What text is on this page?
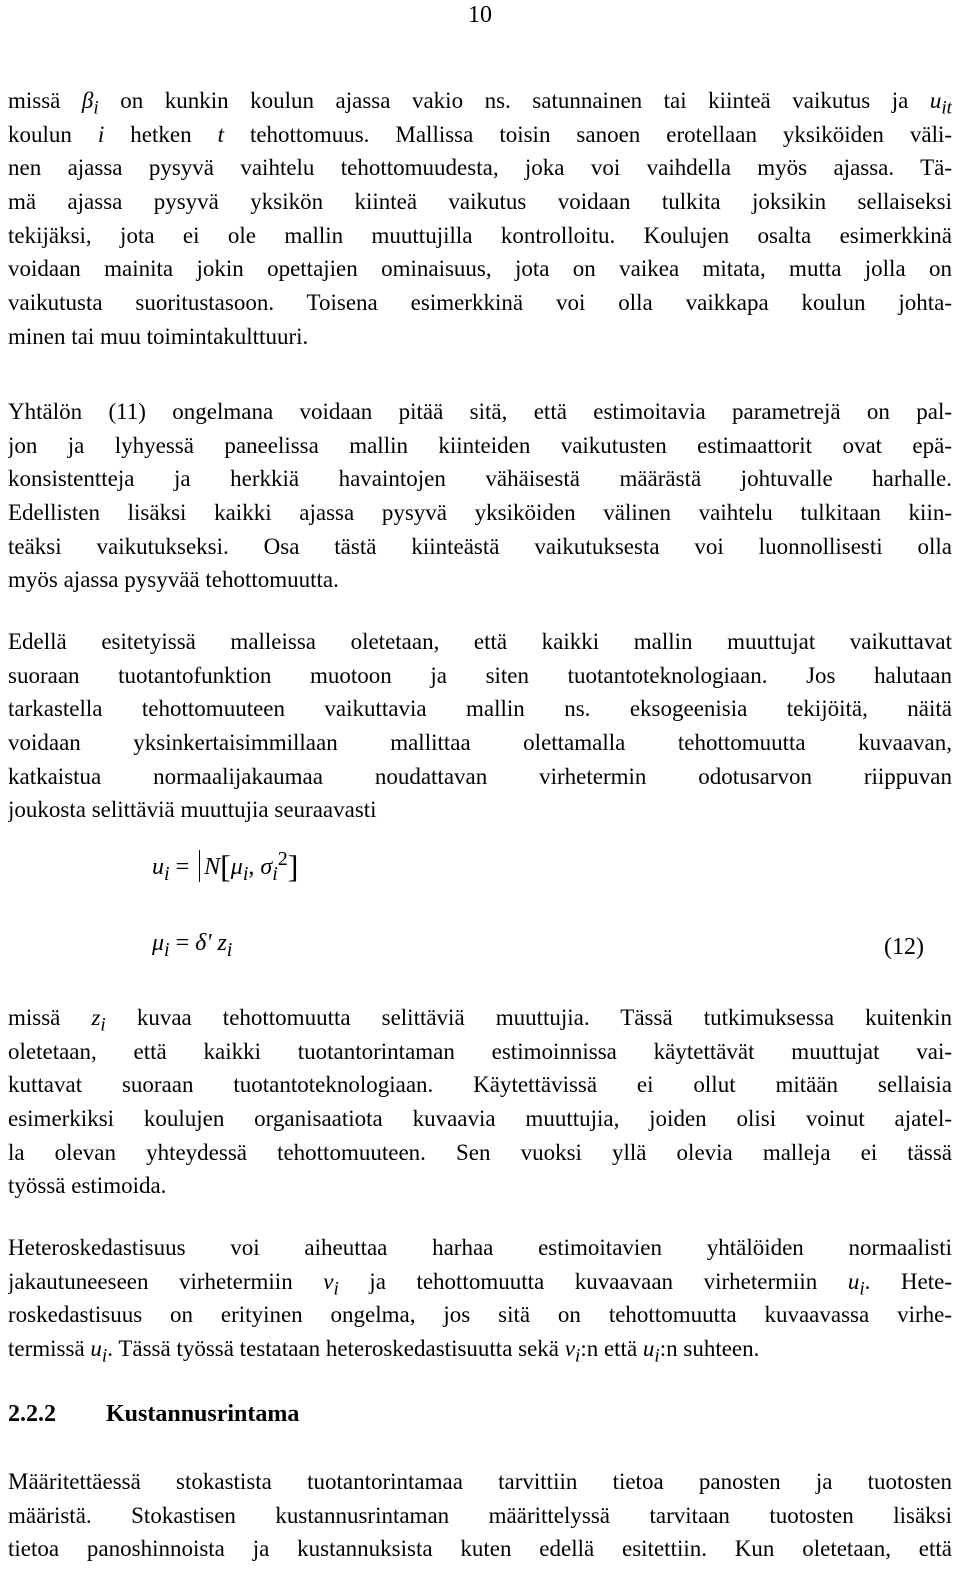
10
missä $\beta_i$ on kunkin koulun ajassa vakio ns. satunnainen tai kiinteä vaikutus ja $u_{it}$
koulun i hetken t tehottomuus. Mallissa toisin sanoen erotellaan yksiköiden väli-
nen ajassa pysyvä vaihtelu tehottomuudesta, joka voi vaihdella myös ajassa. Tä-
mä ajassa pysyvä yksikön kiinteä vaikutus voidaan tulkita joksikin sellaiseksi
tekijäksi, jota ei ole mallin muuttujilla kontrolloitu. Koulujen osalta esimerkkinä
voidaan mainita jokin opettajien ominaisuus, jota on vaikea mitata, mutta jolla on
vaikutusta suoritustasoon. Toisena esimerkkinä voi olla vaikkapa koulun johta-
minen tai muu toimintakulttuuri.
Yhtälön (11) ongelmana voidaan pitää sitä, että estimoitavia parametrejä on pal-
jon ja lyhyessä paneelissa mallin kiinteiden vaikutusten estimaattorit ovat epä-
konsistentteja ja herkkiä havaintojen vähäisestä määrästä johtuvalle harhalle.
Edellisten lisäksi kaikki ajassa pysyvä yksiköiden välinen vaihtelu tulkitaan kiin-
teäksi vaikutukseksi. Osa tästä kiinteästä vaikutuksesta voi luonnollisesti olla
myös ajassa pysyvää tehottomuutta.
Edellä esitetyissä malleissa oletetaan, että kaikki mallin muuttujat vaikuttavat
suoraan tuotantofunktion muotoon ja siten tuotantoteknologiaan. Jos halutaan
tarkastella tehottomuuteen vaikuttavia mallin ns. eksogeenisia tekijöitä, näitä
voidaan yksinkertaisimmillaan mallittaa olettamalla tehottomuutta kuvaavan,
katkaistua normaalijakaumaa noudattavan virhetermin odotusarvon riippuvan
joukosta selittäviä muuttujia seuraavasti
$u_i = N[\mu_i$, $\sigma_i^2$]
$\mu_i = \delta'$ $z_i$	(12)
missä $z_i$ kuvaa tehottomuutta selittäviä muuttujia. Tässä tutkimuksessa kuitenkin
oletetaan, että kaikki tuotantorintaman estimoinnissa käytettävät muuttujat vai-
kuttavat suoraan tuotantoteknologiaan. Käytettävissä ei ollut mitään sellaisia
esimerkiksi koulujen organisaatiota kuvaavia muuttujia, joiden olisi voinut ajatel-
la olevan yhteydessä tehottomuuteen. Sen vuoksi yllä olevia malleja ei tässä
työssä estimoida.
Heteroskedastisuus voi aiheuttaa harhaa estimoitavien yhtälöiden normaalisti
jakautuneeseen virhetermiin $v_i$ ja tehottomuutta kuvaavaan virhetermiin $u_i$. Hete-
roskedastisuus on erityinen ongelma, jos sitä on tehottomuutta kuvaavassa virhe-
termissä $u_i$. Tässä työssä testataan heteroskedastisuutta sekä $v_i:n$ että $u_i:n$ suhteen.
2.2.2 Kustannusrintama
Määritettäessä stokastista tuotantorintamaa tarvittiin tietoa panosten ja tuotosten
määristä. Stokastisen kustannusrintaman määrittelyssä tarvitaan tuotosten lisäksi
tietoa panoshinnoista ja kustannuksista kuten edellä esitettiin. Kun oletetaan, että
